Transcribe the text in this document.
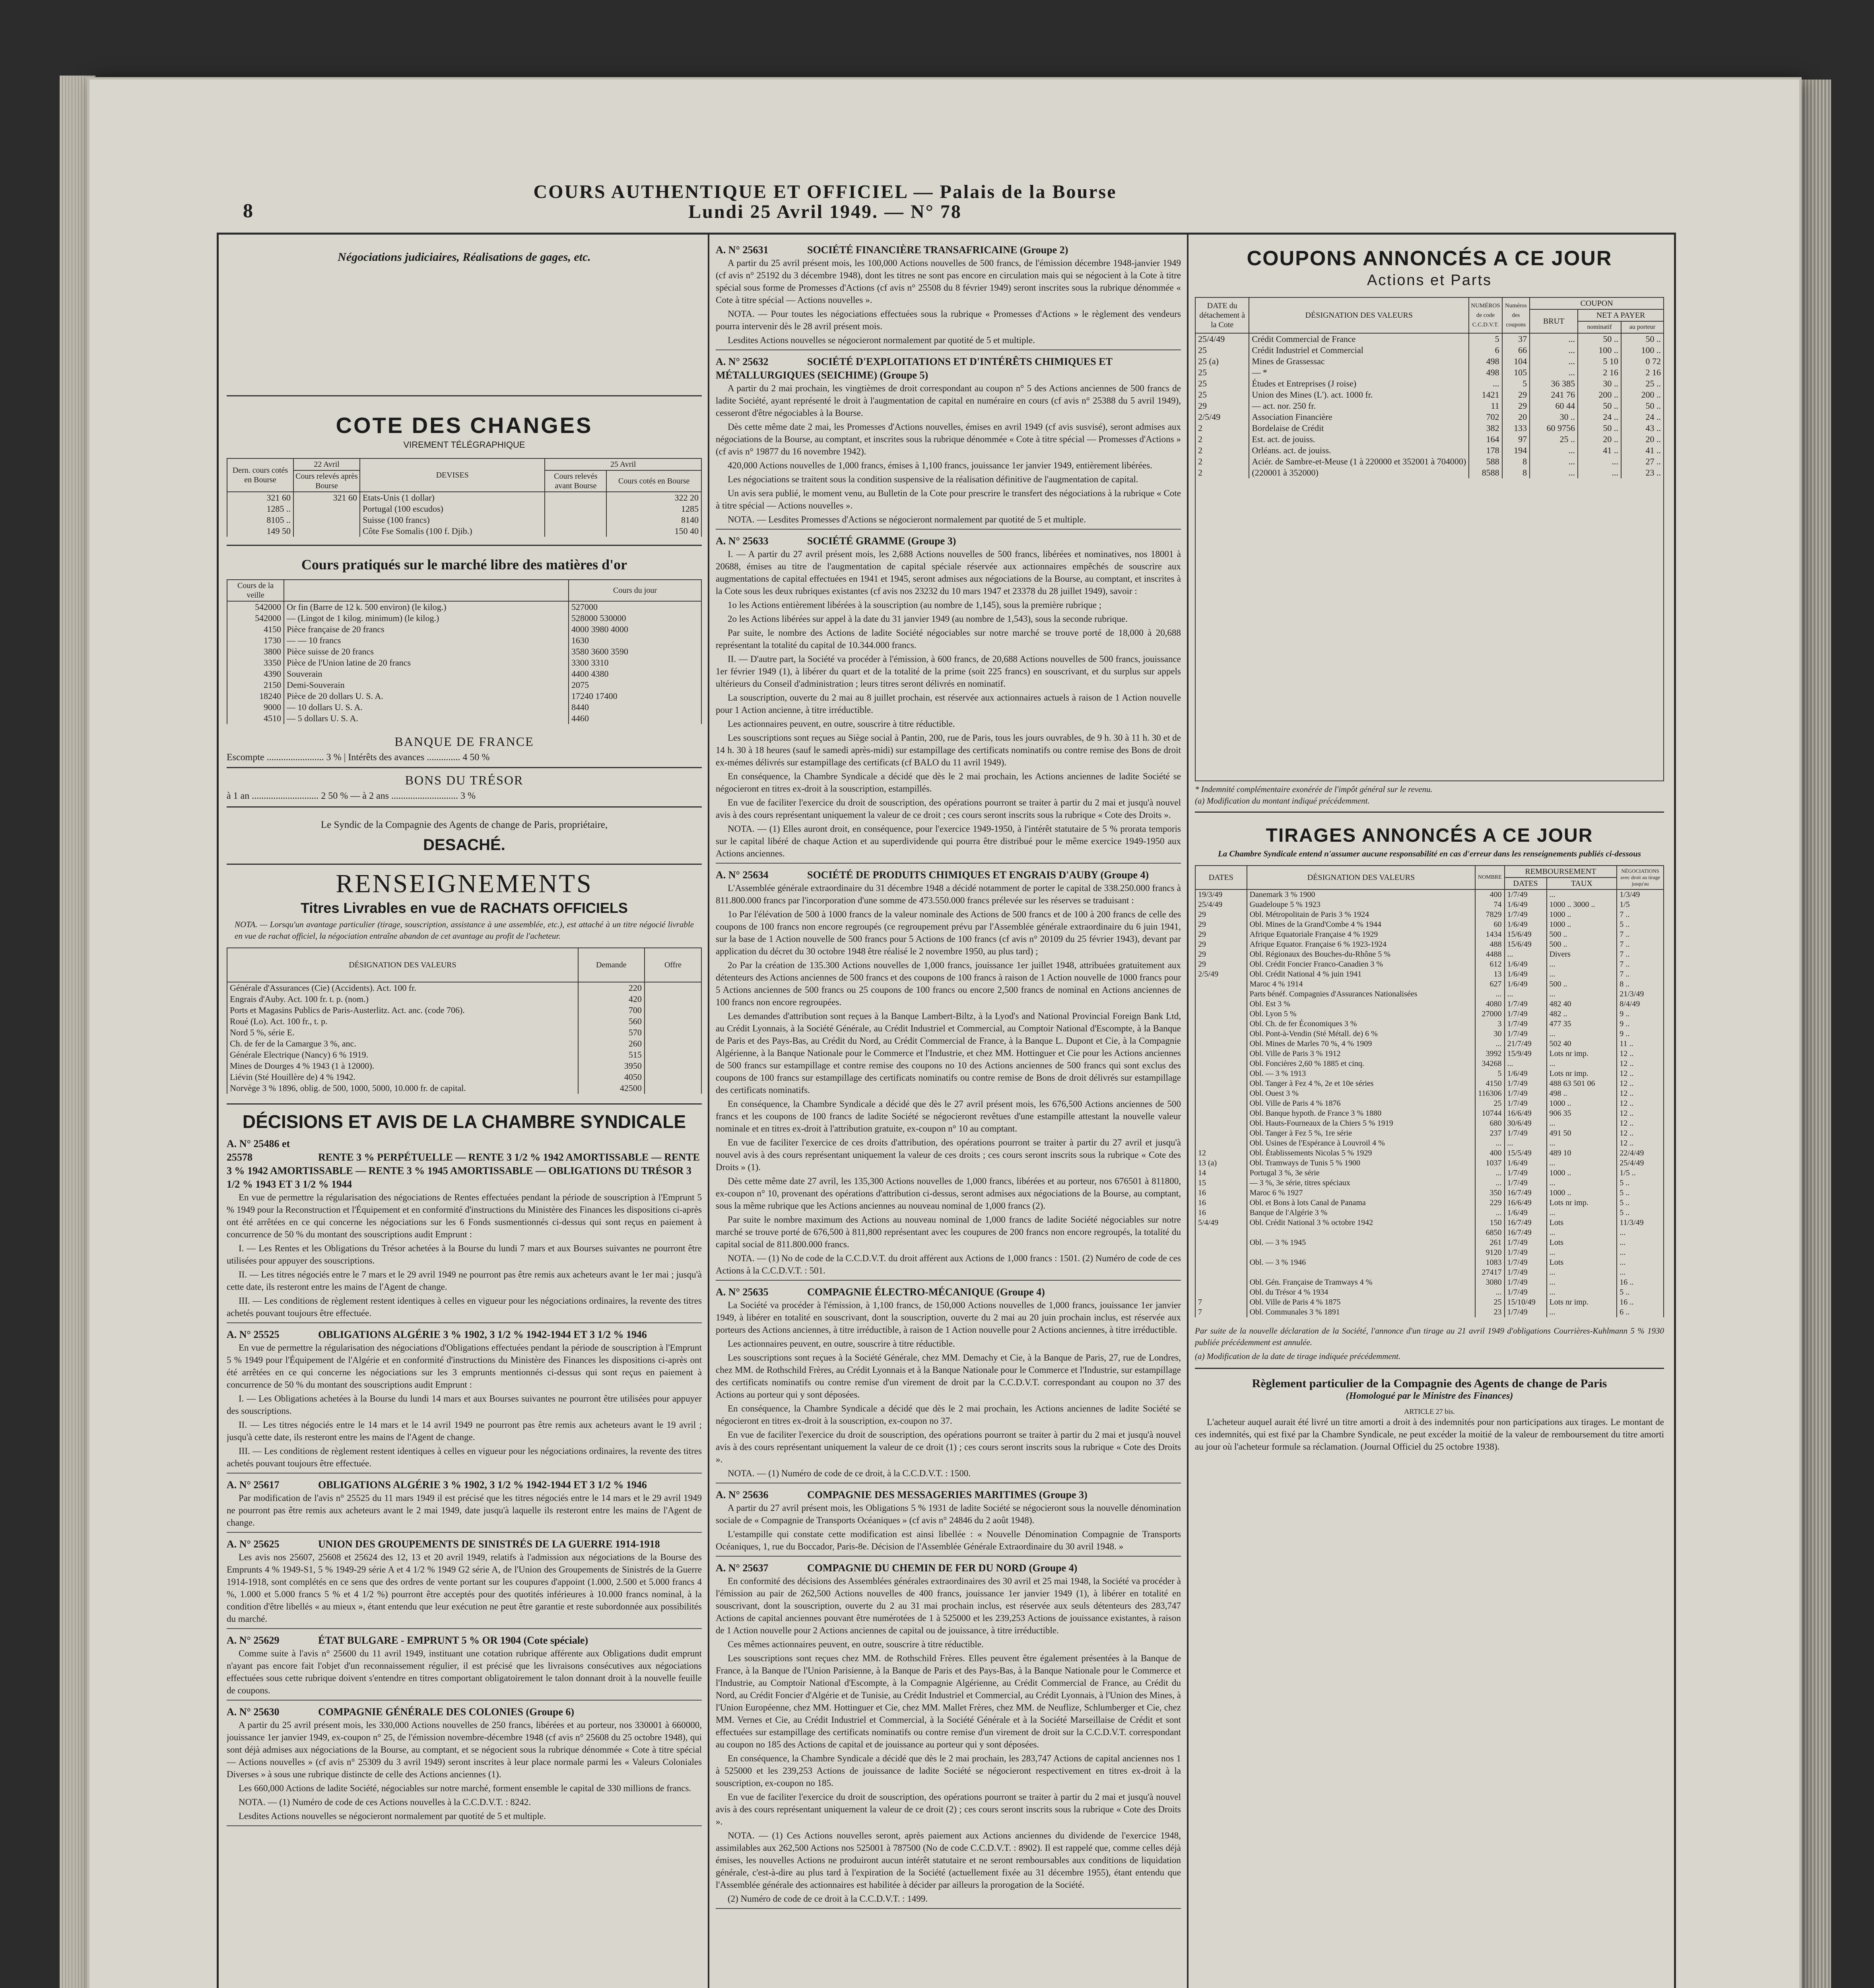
8
COURS AUTHENTIQUE ET OFFICIEL — Palais de la Bourse
Lundi 25 Avril 1949. — N° 78
Négociations judiciaires, Réalisations de gages, etc.
COTE DES CHANGES
VIREMENT TÉLÉGRAPHIQUE
Dern. cours cotés en Bourse	22 Avril	DEVISES	25 Avril	
	Cours relevés après Bourse		Cours relevés avant Bourse	Cours cotés en Bourse
321 60	321 60	Etats-Unis (1 dollar)		322 20
1285 ..		Portugal (100 escudos)		1285
8105 ..		Suisse (100 francs)		8140
149 50		Côte Fse Somalis (100 f. Djib.)		150 40
Cours pratiqués sur le marché libre des matières d'or
Cours de la veille		Cours du jour
542000	Or fin (Barre de 12 k. 500 environ) (le kilog.)	527000
542000	— (Lingot de 1 kilog. minimum) (le kilog.)	528000 530000
4150	Pièce française de 20 francs	4000 3980 4000
1730	— — 10 francs	1630
3800	Pièce suisse de 20 francs	3580 3600 3590
3350	Pièce de l'Union latine de 20 francs	3300 3310
4390	Souverain	4400 4380
2150	Demi-Souverain	2075
18240	Pièce de 20 dollars U. S. A.	17240 17400
9000	— 10 dollars U. S. A.	8440
4510	— 5 dollars U. S. A.	4460
BANQUE DE FRANCE
Escompte ........................ 3 % | Intérêts des avances .............. 4 50 %
BONS DU TRÉSOR
à 1 an ............................ 2 50 % — à 2 ans ............................ 3 %
Le Syndic de la Compagnie des Agents de change de Paris, propriétaire,
DESACHÉ.
RENSEIGNEMENTS
Titres Livrables en vue de RACHATS OFFICIELS
NOTA. — Lorsqu'un avantage particulier (tirage, souscription, assistance à une assemblée, etc.), est attaché à un titre négocié livrable en vue de rachat officiel, la négociation entraîne abandon de cet avantage au profit de l'acheteur.
DÉSIGNATION DES VALEURS	Demande	Offre
Générale d'Assurances (Cie) (Accidents). Act. 100 fr.	220	
Engrais d'Auby. Act. 100 fr. t. p. (nom.)	420	
Ports et Magasins Publics de Paris-Austerlitz. Act. anc. (code 706).	700	
Roué (Lo). Act. 100 fr., t. p.	560	
Nord 5 %, série E.	570	
Ch. de fer de la Camargue 3 %, anc.	260	
Générale Electrique (Nancy) 6 % 1919.	515	
Mines de Dourges 4 % 1943 (1 à 12000).	3950	
Liévin (Sté Houillère de) 4 % 1942.	4050	
Norvège 3 % 1896, oblig. de 500, 1000, 5000, 10.000 fr. de capital.	42500	
DÉCISIONS ET AVIS DE LA CHAMBRE SYNDICALE
A. N° 25486 et 25578	RENTE 3 % PERPÉTUELLE — RENTE 3 1/2 % 1942 AMORTISSABLE — RENTE 3 % 1942 AMORTISSABLE — RENTE 3 % 1945 AMORTISSABLE — OBLIGATIONS DU TRÉSOR 3 1/2 % 1943 ET 3 1/2 % 1944

En vue de permettre la régularisation des négociations de Rentes effectuées pendant la période de souscription à l'Emprunt 5 % 1949 pour la Reconstruction et l'Équipement et en conformité d'instructions du Ministère des Finances les dispositions ci-après ont été arrêtées en ce qui concerne les négociations sur les 6 Fonds susmentionnés ci-dessus qui sont reçus en paiement à concurrence de 50 % du montant des souscriptions audit Emprunt :

I. — Les Rentes et les Obligations du Trésor achetées à la Bourse du lundi 7 mars et aux Bourses suivantes ne pourront être utilisées pour appuyer des souscriptions.

II. — Les titres négociés entre le 7 mars et le 29 avril 1949 ne pourront pas être remis aux acheteurs avant le 1er mai ; jusqu'à cette date, ils resteront entre les mains de l'Agent de change.

III. — Les conditions de règlement restent identiques à celles en vigueur pour les négociations ordinaires, la revente des titres achetés pouvant toujours être effectuée.

A. N° 25525	OBLIGATIONS ALGÉRIE 3 % 1902, 3 1/2 % 1942-1944 ET 3 1/2 % 1946

En vue de permettre la régularisation des négociations d'Obligations effectuées pendant la période de souscription à l'Emprunt 5 % 1949 pour l'Équipement de l'Algérie et en conformité d'instructions du Ministère des Finances les dispositions ci-après ont été arrêtées en ce qui concerne les négociations sur les 3 emprunts mentionnés ci-dessus qui sont reçus en paiement à concurrence de 50 % du montant des souscriptions audit Emprunt :

I. — Les Obligations achetées à la Bourse du lundi 14 mars et aux Bourses suivantes ne pourront être utilisées pour appuyer des souscriptions.

II. — Les titres négociés entre le 14 mars et le 14 avril 1949 ne pourront pas être remis aux acheteurs avant le 19 avril ; jusqu'à cette date, ils resteront entre les mains de l'Agent de change.

III. — Les conditions de règlement restent identiques à celles en vigueur pour les négociations ordinaires, la revente des titres achetés pouvant toujours être effectuée.

A. N° 25617	OBLIGATIONS ALGÉRIE 3 % 1902, 3 1/2 % 1942-1944 ET 3 1/2 % 1946

Par modification de l'avis n° 25525 du 11 mars 1949 il est précisé que les titres négociés entre le 14 mars et le 29 avril 1949 ne pourront pas être remis aux acheteurs avant le 2 mai 1949, date jusqu'à laquelle ils resteront entre les mains de l'Agent de change.

A. N° 25625	UNION DES GROUPEMENTS DE SINISTRÉS DE LA GUERRE 1914-1918

Les avis nos 25607, 25608 et 25624 des 12, 13 et 20 avril 1949, relatifs à l'admission aux négociations de la Bourse des Emprunts 4 % 1949-S1, 5 % 1949-29 série A et 4 1/2 % 1949 G2 série A, de l'Union des Groupements de Sinistrés de la Guerre 1914-1918, sont complétés en ce sens que des ordres de vente portant sur les coupures d'appoint (1.000, 2.500 et 5.000 francs 4 %, 1.000 et 5.000 francs 5 % et 4 1/2 %) pourront être acceptés pour des quotités inférieures à 10.000 francs nominal, à la condition d'être libellés « au mieux », étant entendu que leur exécution ne peut être garantie et reste subordonnée aux possibilités du marché.

A. N° 25629	ÉTAT BULGARE - EMPRUNT 5 % OR 1904 (Cote spéciale)

Comme suite à l'avis n° 25600 du 11 avril 1949, instituant une cotation rubrique afférente aux Obligations dudit emprunt n'ayant pas encore fait l'objet d'un reconnaissement régulier, il est précisé que les livraisons consécutives aux négociations effectuées sous cette rubrique doivent s'entendre en titres comportant obligatoirement le talon donnant droit à la nouvelle feuille de coupons.

A. N° 25630	COMPAGNIE GÉNÉRALE DES COLONIES (Groupe 6)

A partir du 25 avril présent mois, les 330,000 Actions nouvelles de 250 francs, libérées et au porteur, nos 330001 à 660000, jouissance 1er janvier 1949, ex-coupon n° 25, de l'émission novembre-décembre 1948 (cf avis n° 25608 du 25 octobre 1948), qui sont déjà admises aux négociations de la Bourse, au comptant, et se négocient sous la rubrique dénommée « Cote à titre spécial — Actions nouvelles » (cf avis n° 25309 du 3 avril 1949) seront inscrites à leur place normale parmi les « Valeurs Coloniales Diverses » à sous une rubrique distincte de celle des Actions anciennes (1).

Les 660,000 Actions de ladite Société, négociables sur notre marché, forment ensemble le capital de 330 millions de francs.

NOTA. — (1) Numéro de code de ces Actions nouvelles à la C.C.D.V.T. : 8242.

Lesdites Actions nouvelles se négocieront normalement par quotité de 5 et multiple.

A. N° 25631	SOCIÉTÉ FINANCIÈRE TRANSAFRICAINE (Groupe 2)

A partir du 25 avril présent mois, les 100,000 Actions nouvelles de 500 francs, de l'émission décembre 1948-janvier 1949 (cf avis n° 25192 du 3 décembre 1948), dont les titres ne sont pas encore en circulation mais qui se négocient à la Cote à titre spécial sous forme de Promesses d'Actions (cf avis n° 25508 du 8 février 1949) seront inscrites sous la rubrique dénommée « Cote à titre spécial — Actions nouvelles ».

NOTA. — Pour toutes les négociations effectuées sous la rubrique « Promesses d'Actions » le règlement des vendeurs pourra intervenir dès le 28 avril présent mois.

Lesdites Actions nouvelles se négocieront normalement par quotité de 5 et multiple.

A. N° 25632	SOCIÉTÉ D'EXPLOITATIONS ET D'INTÉRÊTS CHIMIQUES ET MÉTALLURGIQUES (SEICHIME) (Groupe 5)

A partir du 2 mai prochain, les vingtièmes de droit correspondant au coupon n° 5 des Actions anciennes de 500 francs de ladite Société, ayant représenté le droit à l'augmentation de capital en numéraire en cours (cf avis n° 25388 du 5 avril 1949), cesseront d'être négociables à la Bourse.

Dès cette même date 2 mai, les Promesses d'Actions nouvelles, émises en avril 1949 (cf avis susvisé), seront admises aux négociations de la Bourse, au comptant, et inscrites sous la rubrique dénommée « Cote à titre spécial — Promesses d'Actions » (cf avis n° 19877 du 16 novembre 1942).

420,000 Actions nouvelles de 1,000 francs, émises à 1,100 francs, jouissance 1er janvier 1949, entièrement libérées.

Les négociations se traitent sous la condition suspensive de la réalisation définitive de l'augmentation de capital.

Un avis sera publié, le moment venu, au Bulletin de la Cote pour prescrire le transfert des négociations à la rubrique « Cote à titre spécial — Actions nouvelles ».

NOTA. — Lesdites Promesses d'Actions se négocieront normalement par quotité de 5 et multiple.

A. N° 25633	SOCIÉTÉ GRAMME (Groupe 3)

I. — A partir du 27 avril présent mois, les 2,688 Actions nouvelles de 500 francs, libérées et nominatives, nos 18001 à 20688, émises au titre de l'augmentation de capital spéciale réservée aux actionnaires empêchés de souscrire aux augmentations de capital effectuées en 1941 et 1945, seront admises aux négociations de la Bourse, au comptant, et inscrites à la Cote sous les deux rubriques existantes (cf avis nos 23232 du 10 mars 1947 et 23378 du 28 juillet 1949), savoir :

1o les Actions entièrement libérées à la souscription (au nombre de 1,145), sous la première rubrique ;

2o les Actions libérées sur appel à la date du 31 janvier 1949 (au nombre de 1,543), sous la seconde rubrique.

Par suite, le nombre des Actions de ladite Société négociables sur notre marché se trouve porté de 18,000 à 20,688 représentant la totalité du capital de 10.344.000 francs.

II. — D'autre part, la Société va procéder à l'émission, à 600 francs, de 20,688 Actions nouvelles de 500 francs, jouissance 1er février 1949 (1), à libérer du quart et de la totalité de la prime (soit 225 francs) en souscrivant, et du surplus sur appels ultérieurs du Conseil d'administration ; leurs titres seront délivrés en nominatif.

La souscription, ouverte du 2 mai au 8 juillet prochain, est réservée aux actionnaires actuels à raison de 1 Action nouvelle pour 1 Action ancienne, à titre irréductible.

Les actionnaires peuvent, en outre, souscrire à titre réductible.

Les souscriptions sont reçues au Siège social à Pantin, 200, rue de Paris, tous les jours ouvrables, de 9 h. 30 à 11 h. 30 et de 14 h. 30 à 18 heures (sauf le samedi après-midi) sur estampillage des certificats nominatifs ou contre remise des Bons de droit ex-mémes délivrés sur estampillage des certificats (cf BALO du 11 avril 1949).

En conséquence, la Chambre Syndicale a décidé que dès le 2 mai prochain, les Actions anciennes de ladite Société se négocieront en titres ex-droit à la souscription, estampillés.

En vue de faciliter l'exercice du droit de souscription, des opérations pourront se traiter à partir du 2 mai et jusqu'à nouvel avis à des cours représentant uniquement la valeur de ce droit ; ces cours seront inscrits sous la rubrique « Cote des Droits ».

NOTA. — (1) Elles auront droit, en conséquence, pour l'exercice 1949-1950, à l'intérêt statutaire de 5 % prorata temporis sur le capital libéré de chaque Action et au superdividende qui pourra être distribué pour le même exercice 1949-1950 aux Actions anciennes.

A. N° 25634	SOCIÉTÉ DE PRODUITS CHIMIQUES ET ENGRAIS D'AUBY (Groupe 4)

L'Assemblée générale extraordinaire du 31 décembre 1948 a décidé notamment de porter le capital de 338.250.000 francs à 811.800.000 francs par l'incorporation d'une somme de 473.550.000 francs prélevée sur les réserves se traduisant :

1o Par l'élévation de 500 à 1000 francs de la valeur nominale des Actions de 500 francs et de 100 à 200 francs de celle des coupons de 100 francs non encore regroupés (ce regroupement prévu par l'Assemblée générale extraordinaire du 6 juin 1941, sur la base de 1 Action nouvelle de 500 francs pour 5 Actions de 100 francs (cf avis n° 20109 du 25 février 1943), devant par application du décret du 30 octobre 1948 être réalisé le 2 novembre 1950, au plus tard) ;

2o Par la création de 135.300 Actions nouvelles de 1,000 francs, jouissance 1er juillet 1948, attribuées gratuitement aux détenteurs des Actions anciennes de 500 francs et des coupons de 100 francs à raison de 1 Action nouvelle de 1000 francs pour 5 Actions anciennes de 500 francs ou 25 coupons de 100 francs ou encore 2,500 francs de nominal en Actions anciennes de 100 francs non encore regroupées.

Les demandes d'attribution sont reçues à la Banque Lambert-Biltz, à la Lyod's and National Provincial Foreign Bank Ltd, au Crédit Lyonnais, à la Société Générale, au Crédit Industriel et Commercial, au Comptoir National d'Escompte, à la Banque de Paris et des Pays-Bas, au Crédit du Nord, au Crédit Commercial de France, à la Banque L. Dupont et Cie, à la Compagnie Algérienne, à la Banque Nationale pour le Commerce et l'Industrie, et chez MM. Hottinguer et Cie pour les Actions anciennes de 500 francs sur estampillage et contre remise des coupons no 10 des Actions anciennes de 500 francs qui sont exclus des coupons de 100 francs sur estampillage des certificats nominatifs ou contre remise de Bons de droit délivrés sur estampillage des certificats nominatifs.

En conséquence, la Chambre Syndicale a décidé que dès le 27 avril présent mois, les 676,500 Actions anciennes de 500 francs et les coupons de 100 francs de ladite Société se négocieront revêtues d'une estampille attestant la nouvelle valeur nominale et en titres ex-droit à l'attribution gratuite, ex-coupon n° 10 au comptant.

En vue de faciliter l'exercice de ces droits d'attribution, des opérations pourront se traiter à partir du 27 avril et jusqu'à nouvel avis à des cours représentant uniquement la valeur de ces droits ; ces cours seront inscrits sous la rubrique « Cote des Droits » (1).

Dès cette même date 27 avril, les 135,300 Actions nouvelles de 1,000 francs, libérées et au porteur, nos 676501 à 811800, ex-coupon n° 10, provenant des opérations d'attribution ci-dessus, seront admises aux négociations de la Bourse, au comptant, sous la même rubrique que les Actions anciennes au nouveau nominal de 1,000 francs (2).

Par suite le nombre maximum des Actions au nouveau nominal de 1,000 francs de ladite Société négociables sur notre marché se trouve porté de 676,500 à 811,800 représentant avec les coupures de 200 francs non encore regroupés, la totalité du capital social de 811.800.000 francs.

NOTA. — (1) No de code de la C.C.D.V.T. du droit afférent aux Actions de 1,000 francs : 1501. (2) Numéro de code de ces Actions à la C.C.D.V.T. : 501.

A. N° 25635	COMPAGNIE ÉLECTRO-MÉCANIQUE (Groupe 4)

La Société va procéder à l'émission, à 1,100 francs, de 150,000 Actions nouvelles de 1,000 francs, jouissance 1er janvier 1949, à libérer en totalité en souscrivant, dont la souscription, ouverte du 2 mai au 20 juin prochain inclus, est réservée aux porteurs des Actions anciennes, à titre irréductible, à raison de 1 Action nouvelle pour 2 Actions anciennes, à titre irréductible.

Les actionnaires peuvent, en outre, souscrire à titre réductible.

Les souscriptions sont reçues à la Société Générale, chez MM. Demachy et Cie, à la Banque de Paris, 27, rue de Londres, chez MM. de Rothschild Frères, au Crédit Lyonnais et à la Banque Nationale pour le Commerce et l'Industrie, sur estampillage des certificats nominatifs ou contre remise d'un virement de droit par la C.C.D.V.T. correspondant au coupon no 37 des Actions au porteur qui y sont déposées.

En conséquence, la Chambre Syndicale a décidé que dès le 2 mai prochain, les Actions anciennes de ladite Société se négocieront en titres ex-droit à la souscription, ex-coupon no 37.

En vue de faciliter l'exercice du droit de souscription, des opérations pourront se traiter à partir du 2 mai et jusqu'à nouvel avis à des cours représentant uniquement la valeur de ce droit (1) ; ces cours seront inscrits sous la rubrique « Cote des Droits ».

NOTA. — (1) Numéro de code de ce droit, à la C.C.D.V.T. : 1500.

A. N° 25636	COMPAGNIE DES MESSAGERIES MARITIMES (Groupe 3)

A partir du 27 avril présent mois, les Obligations 5 % 1931 de ladite Société se négocieront sous la nouvelle dénomination sociale de « Compagnie de Transports Océaniques » (cf avis n° 24846 du 2 août 1948).

L'estampille qui constate cette modification est ainsi libellée : « Nouvelle Dénomination Compagnie de Transports Océaniques, 1, rue du Boccador, Paris-8e. Décision de l'Assemblée Générale Extraordinaire du 30 avril 1948. »

A. N° 25637	COMPAGNIE DU CHEMIN DE FER DU NORD (Groupe 4)

En conformité des décisions des Assemblées générales extraordinaires des 30 avril et 25 mai 1948, la Société va procéder à l'émission au pair de 262,500 Actions nouvelles de 400 francs, jouissance 1er janvier 1949 (1), à libérer en totalité en souscrivant, dont la souscription, ouverte du 2 au 31 mai prochain inclus, est réservée aux seuls détenteurs des 283,747 Actions de capital anciennes pouvant être numérotées de 1 à 525000 et les 239,253 Actions de jouissance existantes, à raison de 1 Action nouvelle pour 2 Actions anciennes de capital ou de jouissance, à titre irréductible.

Ces mêmes actionnaires peuvent, en outre, souscrire à titre réductible.

Les souscriptions sont reçues chez MM. de Rothschild Frères. Elles peuvent être également présentées à la Banque de France, à la Banque de l'Union Parisienne, à la Banque de Paris et des Pays-Bas, à la Banque Nationale pour le Commerce et l'Industrie, au Comptoir National d'Escompte, à la Compagnie Algérienne, au Crédit Commercial de France, au Crédit du Nord, au Crédit Foncier d'Algérie et de Tunisie, au Crédit Industriel et Commercial, au Crédit Lyonnais, à l'Union des Mines, à l'Union Européenne, chez MM. Hottinguer et Cie, chez MM. Mallet Frères, chez MM. de Neuflize, Schlumberger et Cie, chez MM. Vernes et Cie, au Crédit Industriel et Commercial, à la Société Générale et à la Société Marseillaise de Crédit et sont effectuées sur estampillage des certificats nominatifs ou contre remise d'un virement de droit sur la C.C.D.V.T. correspondant au coupon no 185 des Actions de capital et de jouissance au porteur qui y sont déposées.

En conséquence, la Chambre Syndicale a décidé que dès le 2 mai prochain, les 283,747 Actions de capital anciennes nos 1 à 525000 et les 239,253 Actions de jouissance de ladite Société se négocieront respectivement en titres ex-droit à la souscription, ex-coupon no 185.

En vue de faciliter l'exercice du droit de souscription, des opérations pourront se traiter à partir du 2 mai et jusqu'à nouvel avis à des cours représentant uniquement la valeur de ce droit (2) ; ces cours seront inscrits sous la rubrique « Cote des Droits ».

NOTA. — (1) Ces Actions nouvelles seront, après paiement aux Actions anciennes du dividende de l'exercice 1948, assimilables aux 262,500 Actions nos 525001 à 787500 (No de code C.C.D.V.T. : 8902). Il est rappelé que, comme celles déjà émises, les nouvelles Actions ne produiront aucun intérêt statutaire et ne seront remboursables aux conditions de liquidation générale, c'est-à-dire au plus tard à l'expiration de la Société (actuellement fixée au 31 décembre 1955), étant entendu que l'Assemblée générale des actionnaires est habilitée à décider par ailleurs la prorogation de la Société.

(2) Numéro de code de ce droit à la C.C.D.V.T. : 1499.

COUPONS ANNONCÉS A CE JOUR
Actions et Parts
DATE du détachement à la Cote	DÉSIGNATION DES VALEURS	NUMÉROS de code C.C.D.V.T.	Numéros des coupons	COUPON		
				BRUT	NET A PAYER	
					nominatif	au porteur
25/4/49	Crédit Commercial de France	5	37	...	50 ..	50 ..
25	Crédit Industriel et Commercial	6	66	...	100 ..	100 ..
25 (a)	Mines de Grassessac	498	104	...	5 10	0 72
25	— *	498	105	...	2 16	2 16
25	Études et Entreprises (J roise)	...	5	36 385	30 ..	25 ..
25	Union des Mines (L'). act. 1000 fr.	1421	29	241 76	200 ..	200 ..
29	— act. nor. 250 fr.	11	29	60 44	50 ..	50 ..
2/5/49	Association Financière	702	20	30 ..	24 ..	24 ..
2	Bordelaise de Crédit	382	133	60 9756	50 ..	43 ..
2	Est. act. de jouiss.	164	97	25 ..	20 ..	20 ..
2	Orléans. act. de jouiss.	178	194	...	41 ..	41 ..
2	Aciér. de Sambre-et-Meuse (1 à 220000 et 352001 à 704000)	588	8	...	...	27 ..
2	(220001 à 352000)	8588	8	...	...	23 ..

* Indemnité complémentaire exonérée de l'impôt général sur le revenu.
(a) Modification du montant indiqué précédemment.
TIRAGES ANNONCÉS A CE JOUR
La Chambre Syndicale entend n'assumer aucune responsabilité en cas d'erreur dans les renseignements publiés ci-dessous
DATES	DÉSIGNATION DES VALEURS	NOMBRE	REMBOURSEMENT		NÉGOCIATIONS avec droit au tirage jusqu'au
			DATES	TAUX	
19/3/49	Danemark 3 % 1900	400	1/7/49	...	1/3/49
25/4/49	Guadeloupe 5 % 1923	74	1/6/49	1000 .. 3000 ..	1/5
29	Obl. Métropolitain de Paris 3 % 1924	7829	1/7/49	1000 ..	7 ..
29	Obl. Mines de la Grand'Combe 4 % 1944	60	1/6/49	1000 ..	5 ..
29	Afrique Equatoriale Française 4 % 1929	1434	15/6/49	500 ..	7 ..
29	Afrique Equator. Française 6 % 1923-1924	488	15/6/49	500 ..	7 ..
29	Obl. Régionaux des Bouches-du-Rhône 5 %	4488	...	Divers	7 ..
29	Obl. Crédit Foncier Franco-Canadien 3 %	612	1/6/49	...	7 ..
2/5/49	Obl. Crédit National 4 % juin 1941	13	1/6/49	...	7 ..
	Maroc 4 % 1914	627	1/6/49	500 ..	8 ..
	Parts bénéf. Compagnies d'Assurances Nationalisées	...	...	...	21/3/49
	Obl. Est 3 %	4080	1/7/49	482 40	8/4/49
	Obl. Lyon 5 %	27000	1/7/49	482 ..	9 ..
	Obl. Ch. de fer Économiques 3 %	3	1/7/49	477 35	9 ..
	Obl. Pont-à-Vendin (Sté Métall. de) 6 %	30	1/7/49	...	9 ..
	Obl. Mines de Marles 70 %, 4 % 1909	...	21/7/49	502 40	11 ..
	Obl. Ville de Paris 3 % 1912	3992	15/9/49	Lots nr imp.	12 ..
	Obl. Foncières 2,60 % 1885 et cinq.	34268	...	...	12 ..
	Obl. — 3 % 1913	5	1/6/49	Lots nr imp.	12 ..
	Obl. Tanger à Fez 4 %, 2e et 10e séries	4150	1/7/49	488 63 501 06	12 ..
	Obl. Ouest 3 %	116306	1/7/49	498 ..	12 ..
	Obl. Ville de Paris 4 % 1876	25	1/7/49	1000 ..	12 ..
	Obl. Banque hypoth. de France 3 % 1880	10744	16/6/49	906 35	12 ..
	Obl. Hauts-Fourneaux de la Chiers 5 % 1919	680	30/6/49	...	12 ..
	Obl. Tanger à Fez 5 %, 1re série	237	1/7/49	491 50	12 ..
	Obl. Usines de l'Espérance à Louvroil 4 %	...	...	...	12 ..
12	Obl. Établissements Nicolas 5 % 1929	400	15/5/49	489 10	22/4/49
13 (a)	Obl. Tramways de Tunis 5 % 1900	1037	1/6/49	...	25/4/49
14	Portugal 3 %, 3e série	...	1/7/49	1000 ..	1/5 ..
15	— 3 %, 3e série, titres spéciaux	...	1/7/49	...	5 ..
16	Maroc 6 % 1927	350	16/7/49	1000 ..	5 ..
16	Obl. et Bons à lots Canal de Panama	229	16/6/49	Lots nr imp.	5 ..
16	Banque de l'Algérie 3 %	...	1/6/49	...	5 ..
5/4/49	Obl. Crédit National 3 % octobre 1942	150	16/7/49	Lots	11/3/49
		6850	16/7/49	...	...
	Obl. — 3 % 1945	261	1/7/49	Lots	...
		9120	1/7/49	...	...
	Obl. — 3 % 1946	1083	1/7/49	Lots	...
		27417	1/7/49	...	...
	Obl. Gén. Française de Tramways 4 %	3080	1/7/49	...	16 ..
	Obl. du Trésor 4 % 1934	...	1/7/49	...	5 ..
7	Obl. Ville de Paris 4 % 1875	25	15/10/49	Lots nr imp.	16 ..
7	Obl. Communales 3 % 1891	23	1/7/49	...	6 ..
Par suite de la nouvelle déclaration de la Société, l'annonce d'un tirage au 21 avril 1949 d'obligations Courrières-Kuhlmann 5 % 1930 publiée précédemment est annulée.
(a) Modification de la date de tirage indiquée précédemment.
Règlement particulier de la Compagnie des Agents de change de Paris
(Homologué par le Ministre des Finances)
ARTICLE 27 bis.
L'acheteur auquel aurait été livré un titre amorti a droit à des indemnités pour non participations aux tirages. Le montant de ces indemnités, qui est fixé par la Chambre Syndicale, ne peut excéder la moitié de la valeur de remboursement du titre amorti au jour où l'acheteur formule sa réclamation. (Journal Officiel du 25 octobre 1938).
